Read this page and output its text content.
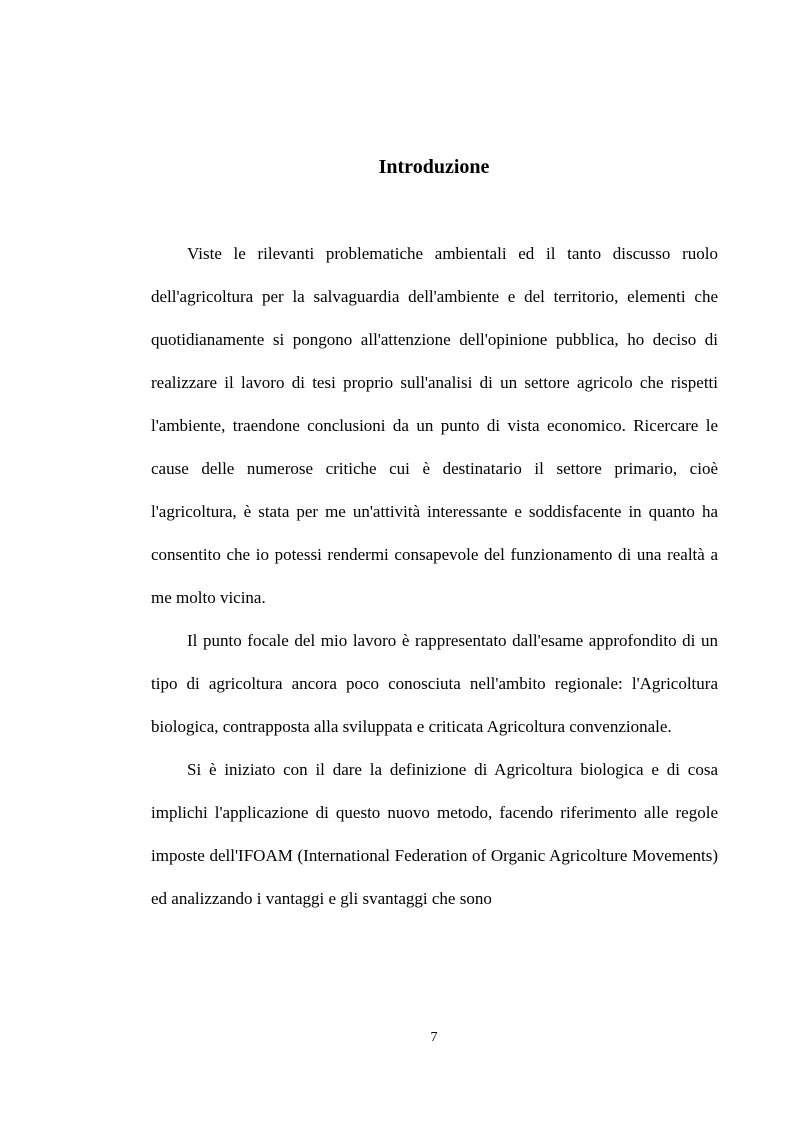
Introduzione

Viste le rilevanti problematiche ambientali ed il tanto discusso ruolo dell'agricoltura per la salvaguardia dell'ambiente e del territorio, elementi che quotidianamente si pongono all'attenzione dell'opinione pubblica, ho deciso di realizzare il lavoro di tesi proprio sull'analisi di un settore agricolo che rispetti l'ambiente, traendone conclusioni da un punto di vista economico. Ricercare le cause delle numerose critiche cui è destinatario il settore primario, cioè l'agricoltura, è stata per me un'attività interessante e soddisfacente in quanto ha consentito che io potessi rendermi consapevole del funzionamento di una realtà a me molto vicina.

Il punto focale del mio lavoro è rappresentato dall'esame approfondito di un tipo di agricoltura ancora poco conosciuta nell'ambito regionale: l'Agricoltura biologica, contrapposta alla sviluppata e criticata Agricoltura convenzionale.

Si è iniziato con il dare la definizione di Agricoltura biologica e di cosa implichi l'applicazione di questo nuovo metodo, facendo riferimento alle regole imposte dell'IFOAM (International Federation of Organic Agricolture Movements) ed analizzando i vantaggi e gli svantaggi che sono

7
